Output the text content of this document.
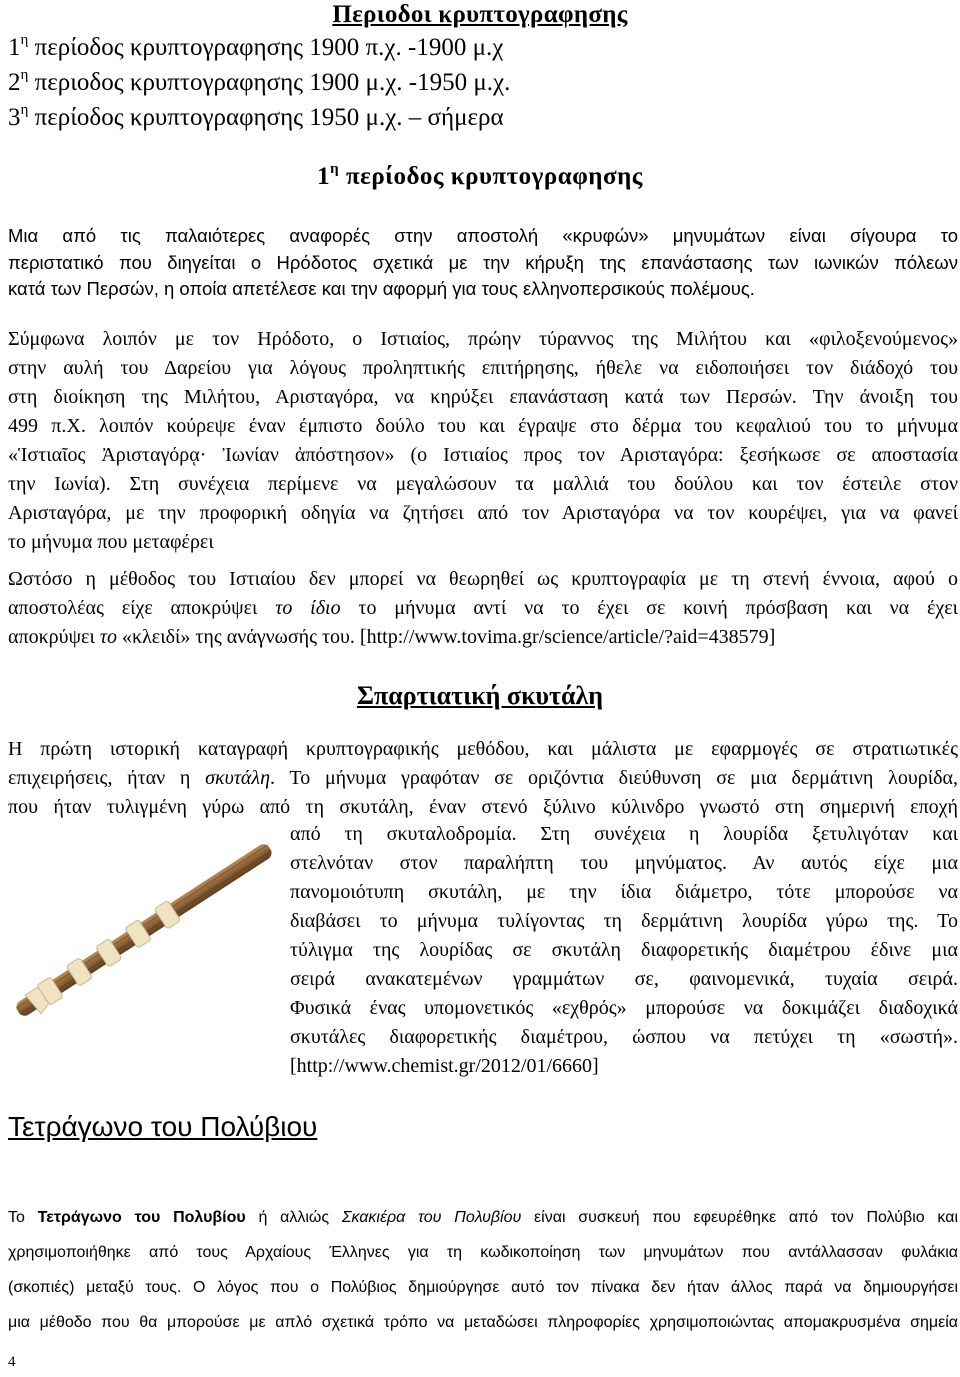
Περιοδοι κρυπτογραφησης
$1^\eta$ περίοδος κρυπτογραφησης 1900 π.χ. -1900 μ.χ
$2^\eta$ περιοδος κρυπτογραφησης 1900 μ.χ. -1950 μ.χ.
$3^\eta$ περίοδος κρυπτογραφησης 1950 μ.χ. – σήμερα
$1^\eta$ περίοδος κρυπτογραφησης
Μια από τις παλαιότερες αναφορές στην αποστολή «κρυφών» μηνυμάτων είναι σίγουρα το
περιστατικό που διηγείται ο Ηρόδοτος σχετικά με την κήρυξη της επανάστασης των ιωνικών πόλεων
κατά των Περσών, η οποία απετέλεσε και την αφορμή για τους ελληνοπερσικούς πολέμους.
Σύμφωνα λοιπόν με τον Ηρόδοτο, ο Ιστιαίος, πρώην τύραννος της Μιλήτου και «φιλοξενούμενος»
στην αυλή του Δαρείου για λόγους προληπτικής επιτήρησης, ήθελε να ειδοποιήσει τον διάδοχό του
στη διοίκηση της Μιλήτου, Αρισταγόρα, να κηρύξει επανάσταση κατά των Περσών. Την άνοιξη του
499 π.Χ. λοιπόν κούρεψε έναν έμπιστο δούλο του και έγραψε στο δέρμα του κεφαλιού του το μήνυμα
«Ἱστιαῖος Ἀρισταγόρᾳ· Ἰωνίαν ἀπόστησον» (ο Ιστιαίος προς τον Αρισταγόρα: ξεσήκωσε σε αποστασία
την Ιωνία). Στη συνέχεια περίμενε να μεγαλώσουν τα μαλλιά του δούλου και τον έστειλε στον
Αρισταγόρα, με την προφορική οδηγία να ζητήσει από τον Αρισταγόρα να τον κουρέψει, για να φανεί
το μήνυμα που μεταφέρει
Ωστόσο η μέθοδος του Ιστιαίου δεν μπορεί να θεωρηθεί ως κρυπτογραφία με τη στενή έννοια, αφού ο
αποστολέας είχε αποκρύψει το ίδιο το μήνυμα αντί να το έχει σε κοινή πρόσβαση και να έχει
αποκρύψει το «κλειδί» της ανάγνωσής του. [http://www.tovima.gr/science/article/?aid=438579]
Σπαρτιατική σκυτάλη
Η πρώτη ιστορική καταγραφή κρυπτογραφικής μεθόδου, και μάλιστα με εφαρμογές σε στρατιωτικές
επιχειρήσεις, ήταν η σκυτάλη. Το μήνυμα γραφόταν σε οριζόντια διεύθυνση σε μια δερμάτινη λουρίδα,
που ήταν τυλιγμένη γύρω από τη σκυτάλη, έναν στενό ξύλινο κύλινδρο γνωστό στη σημερινή εποχή
από τη σκυταλοδρομία. Στη συνέχεια η λουρίδα ξετυλιγόταν και
στελνόταν στον παραλήπτη του μηνύματος. Αν αυτός είχε μια
πανομοιότυπη σκυτάλη, με την ίδια διάμετρο, τότε μπορούσε να
διαβάσει το μήνυμα τυλίγοντας τη δερμάτινη λουρίδα γύρω της. Το
τύλιγμα της λουρίδας σε σκυτάλη διαφορετικής διαμέτρου έδινε μια
σειρά ανακατεμένων γραμμάτων σε, φαινομενικά, τυχαία σειρά.
Φυσικά ένας υπομονετικός «εχθρός» μπορούσε να δοκιμάζει διαδοχικά
σκυτάλες διαφορετικής διαμέτρου, ώσπου να πετύχει τη «σωστή».
[http://www.chemist.gr/2012/01/6660]
Τετράγωνο του Πολύβιου
Το Τετράγωνο του Πολυβίου ή αλλιώς Σκακιέρα του Πολυβίου είναι συσκευή που εφευρέθηκε από τον Πολύβιο και
χρησιμοποιήθηκε από τους Αρχαίους Έλληνες για τη κωδικοποίηση των μηνυμάτων που αντάλλασσαν φυλάκια
(σκοπιές) μεταξύ τους. Ο λόγος που ο Πολύβιος δημιούργησε αυτό τον πίνακα δεν ήταν άλλος παρά να δημιουργήσει
μια μέθοδο που θα μπορούσε με απλό σχετικά τρόπο να μεταδώσει πληροφορίες χρησιμοποιώντας απομακρυσμένα σημεία
4
